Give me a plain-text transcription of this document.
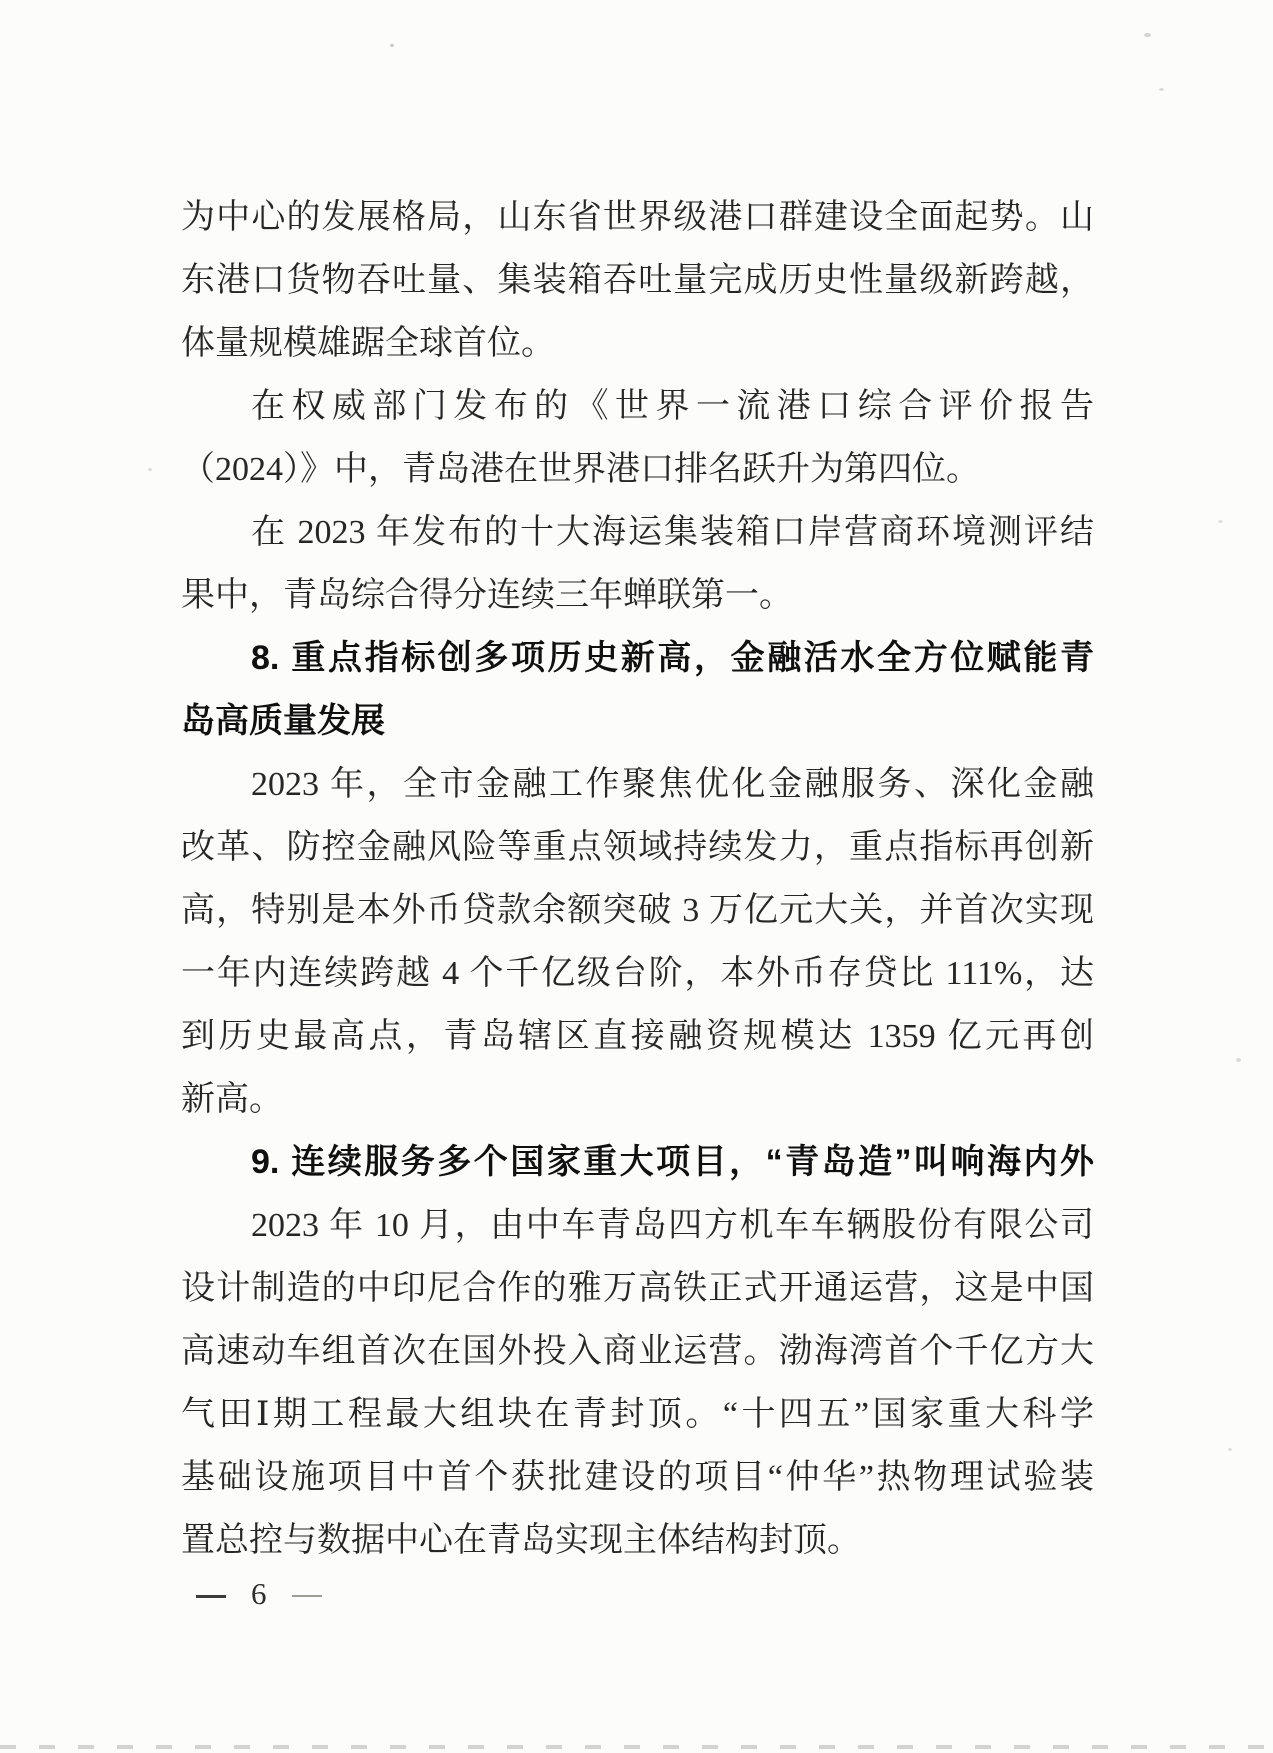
为中心的发展格局，山东省世界级港口群建设全面起势。山
东港口货物吞吐量、集装箱吞吐量完成历史性量级新跨越，
体量规模雄踞全球首位。
在权威部门发布的《世界一流港口综合评价报告
（2024）》中，青岛港在世界港口排名跃升为第四位。
在 2023 年发布的十大海运集装箱口岸营商环境测评结
果中，青岛综合得分连续三年蝉联第一。
8. 重点指标创多项历史新高，金融活水全方位赋能青
岛高质量发展
2023 年，全市金融工作聚焦优化金融服务、深化金融
改革、防控金融风险等重点领域持续发力，重点指标再创新
高，特别是本外币贷款余额突破 3 万亿元大关，并首次实现
一年内连续跨越 4 个千亿级台阶，本外币存贷比 111%，达
到历史最高点，青岛辖区直接融资规模达 1359 亿元再创
新高。
9. 连续服务多个国家重大项目，“青岛造”叫响海内外
2023 年 10 月，由中车青岛四方机车车辆股份有限公司
设计制造的中印尼合作的雅万高铁正式开通运营，这是中国
高速动车组首次在国外投入商业运营。渤海湾首个千亿方大
气田Ⅰ期工程最大组块在青封顶。“十四五”国家重大科学
基础设施项目中首个获批建设的项目“仲华”热物理试验装
置总控与数据中心在青岛实现主体结构封顶。
6
